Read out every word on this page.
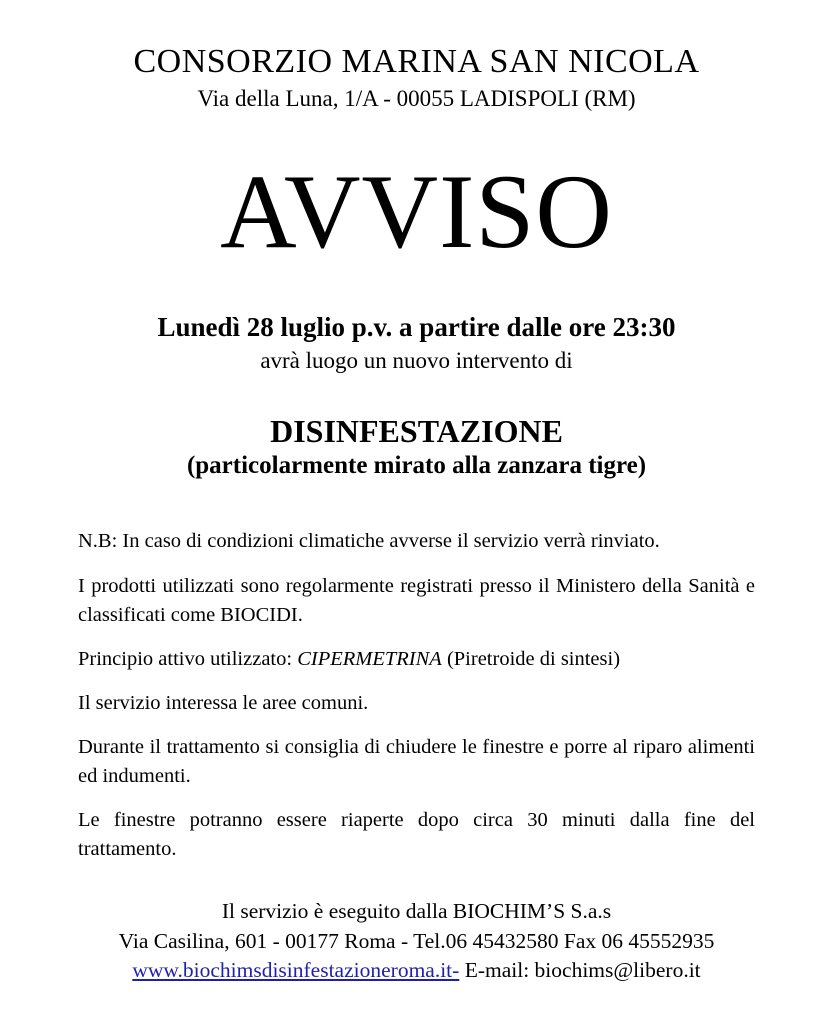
CONSORZIO MARINA SAN NICOLA
Via della Luna, 1/A - 00055 LADISPOLI (RM)
AVVISO
Lunedì 28 luglio p.v. a partire dalle ore 23:30
avrà luogo un nuovo intervento di
DISINFESTAZIONE
(particolarmente mirato alla zanzara tigre)

N.B: In caso di condizioni climatiche avverse il servizio verrà rinviato.

I prodotti utilizzati sono regolarmente registrati presso il Ministero della Sanità e classificati come BIOCIDI.

Principio attivo utilizzato: CIPERMETRINA (Piretroide di sintesi)

Il servizio interessa le aree comuni.

Durante il trattamento si consiglia di chiudere le finestre e porre al riparo alimenti ed indumenti.

Le finestre potranno essere riaperte dopo circa 30 minuti dalla fine del trattamento.

Il servizio è eseguito dalla BIOCHIM’S S.a.s
Via Casilina, 601 - 00177 Roma - Tel.06 45432580 Fax 06 45552935
www.biochimsdisinfestazioneroma.it- E-mail: biochims@libero.it
